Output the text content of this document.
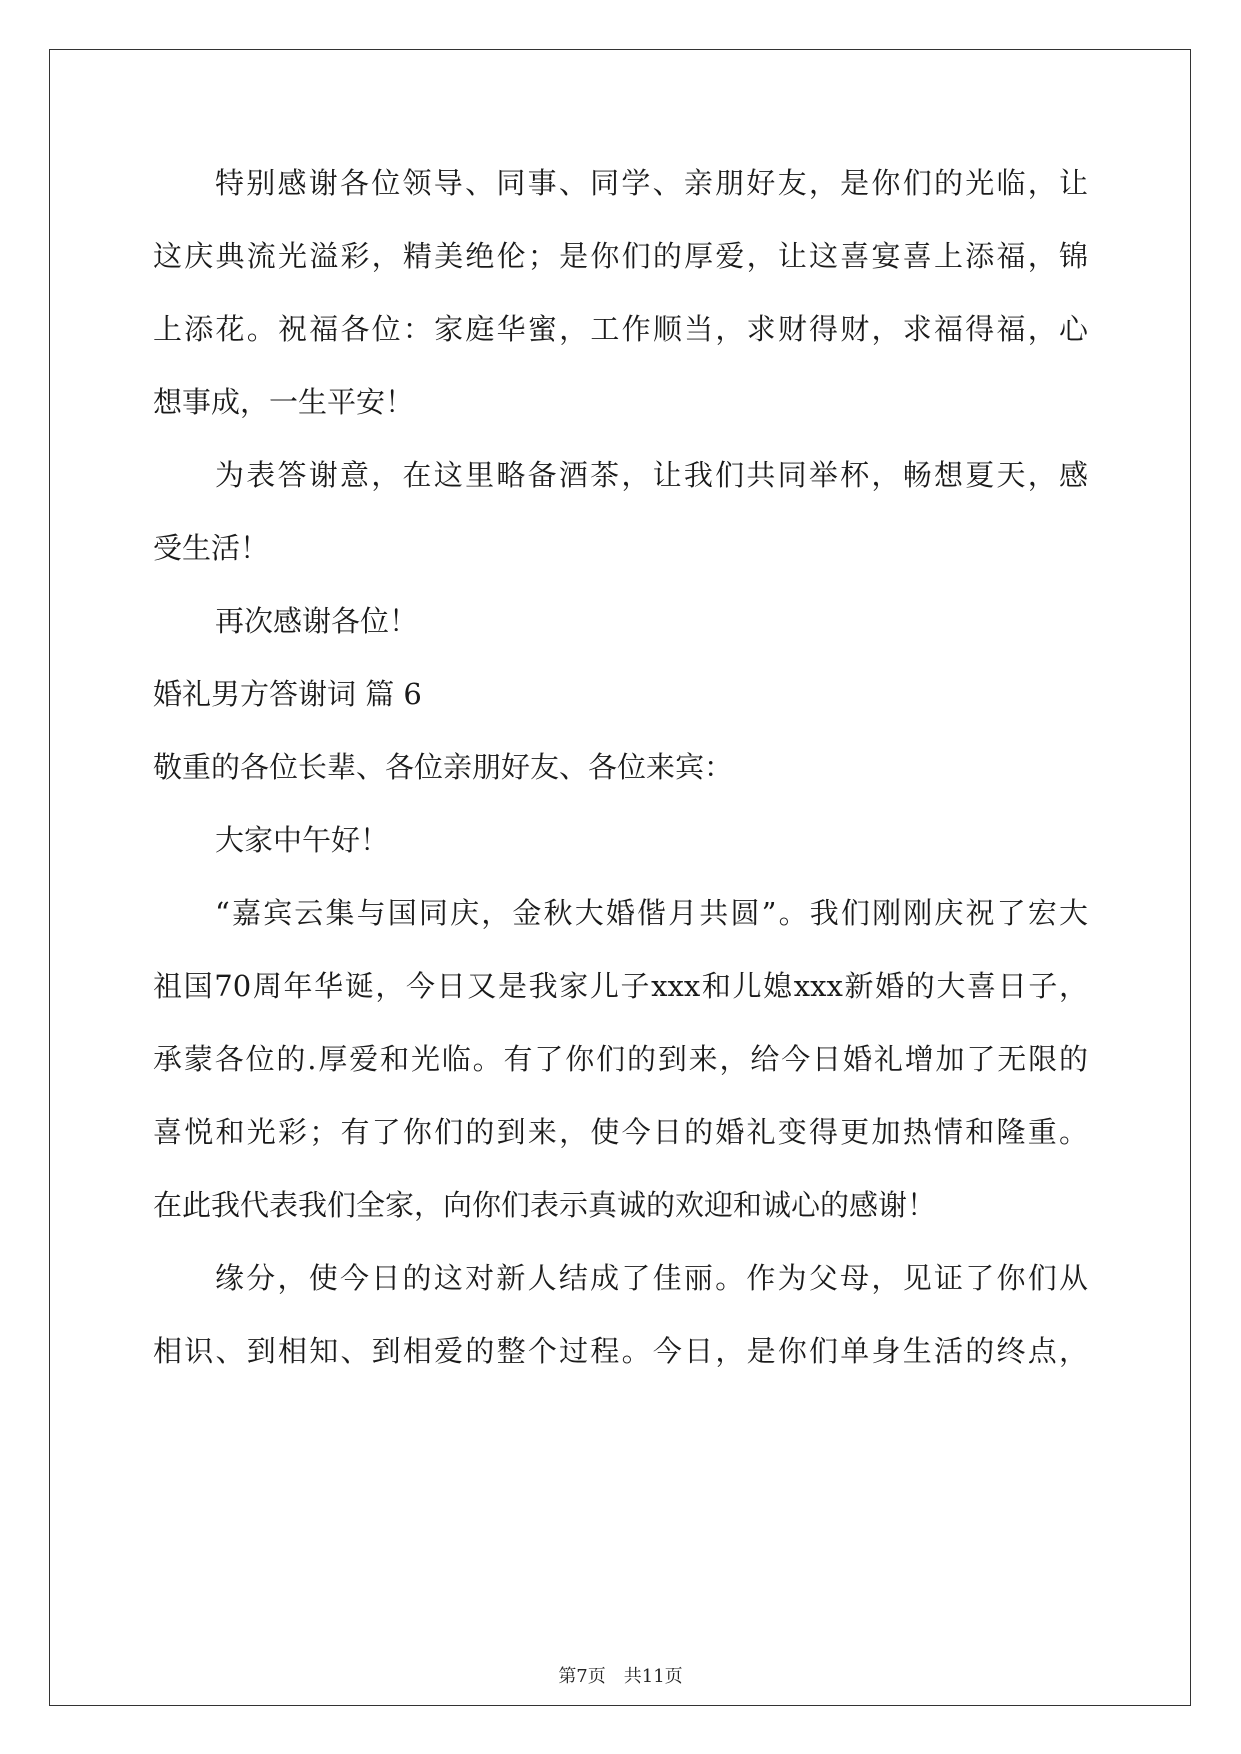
特别感谢各位领导、同事、同学、亲朋好友，是你们的光临，让
这庆典流光溢彩，精美绝伦；是你们的厚爱，让这喜宴喜上添福，锦
上添花。祝福各位：家庭华蜜，工作顺当，求财得财，求福得福，心
想事成，一生平安！
为表答谢意，在这里略备酒茶，让我们共同举杯，畅想夏天，感
受生活！
再次感谢各位！
婚礼男方答谢词 篇 6
敬重的各位长辈、各位亲朋好友、各位来宾：
大家中午好！
“嘉宾云集与国同庆，金秋大婚偕月共圆”。我们刚刚庆祝了宏大
祖国70周年华诞，今日又是我家儿子xxx和儿媳xxx新婚的大喜日子，
承蒙各位的.厚爱和光临。有了你们的到来，给今日婚礼增加了无限的
喜悦和光彩；有了你们的到来，使今日的婚礼变得更加热情和隆重。
在此我代表我们全家，向你们表示真诚的欢迎和诚心的感谢！
缘分，使今日的这对新人结成了佳丽。作为父母，见证了你们从
相识、到相知、到相爱的整个过程。今日，是你们单身生活的终点，
第7页 共11页
